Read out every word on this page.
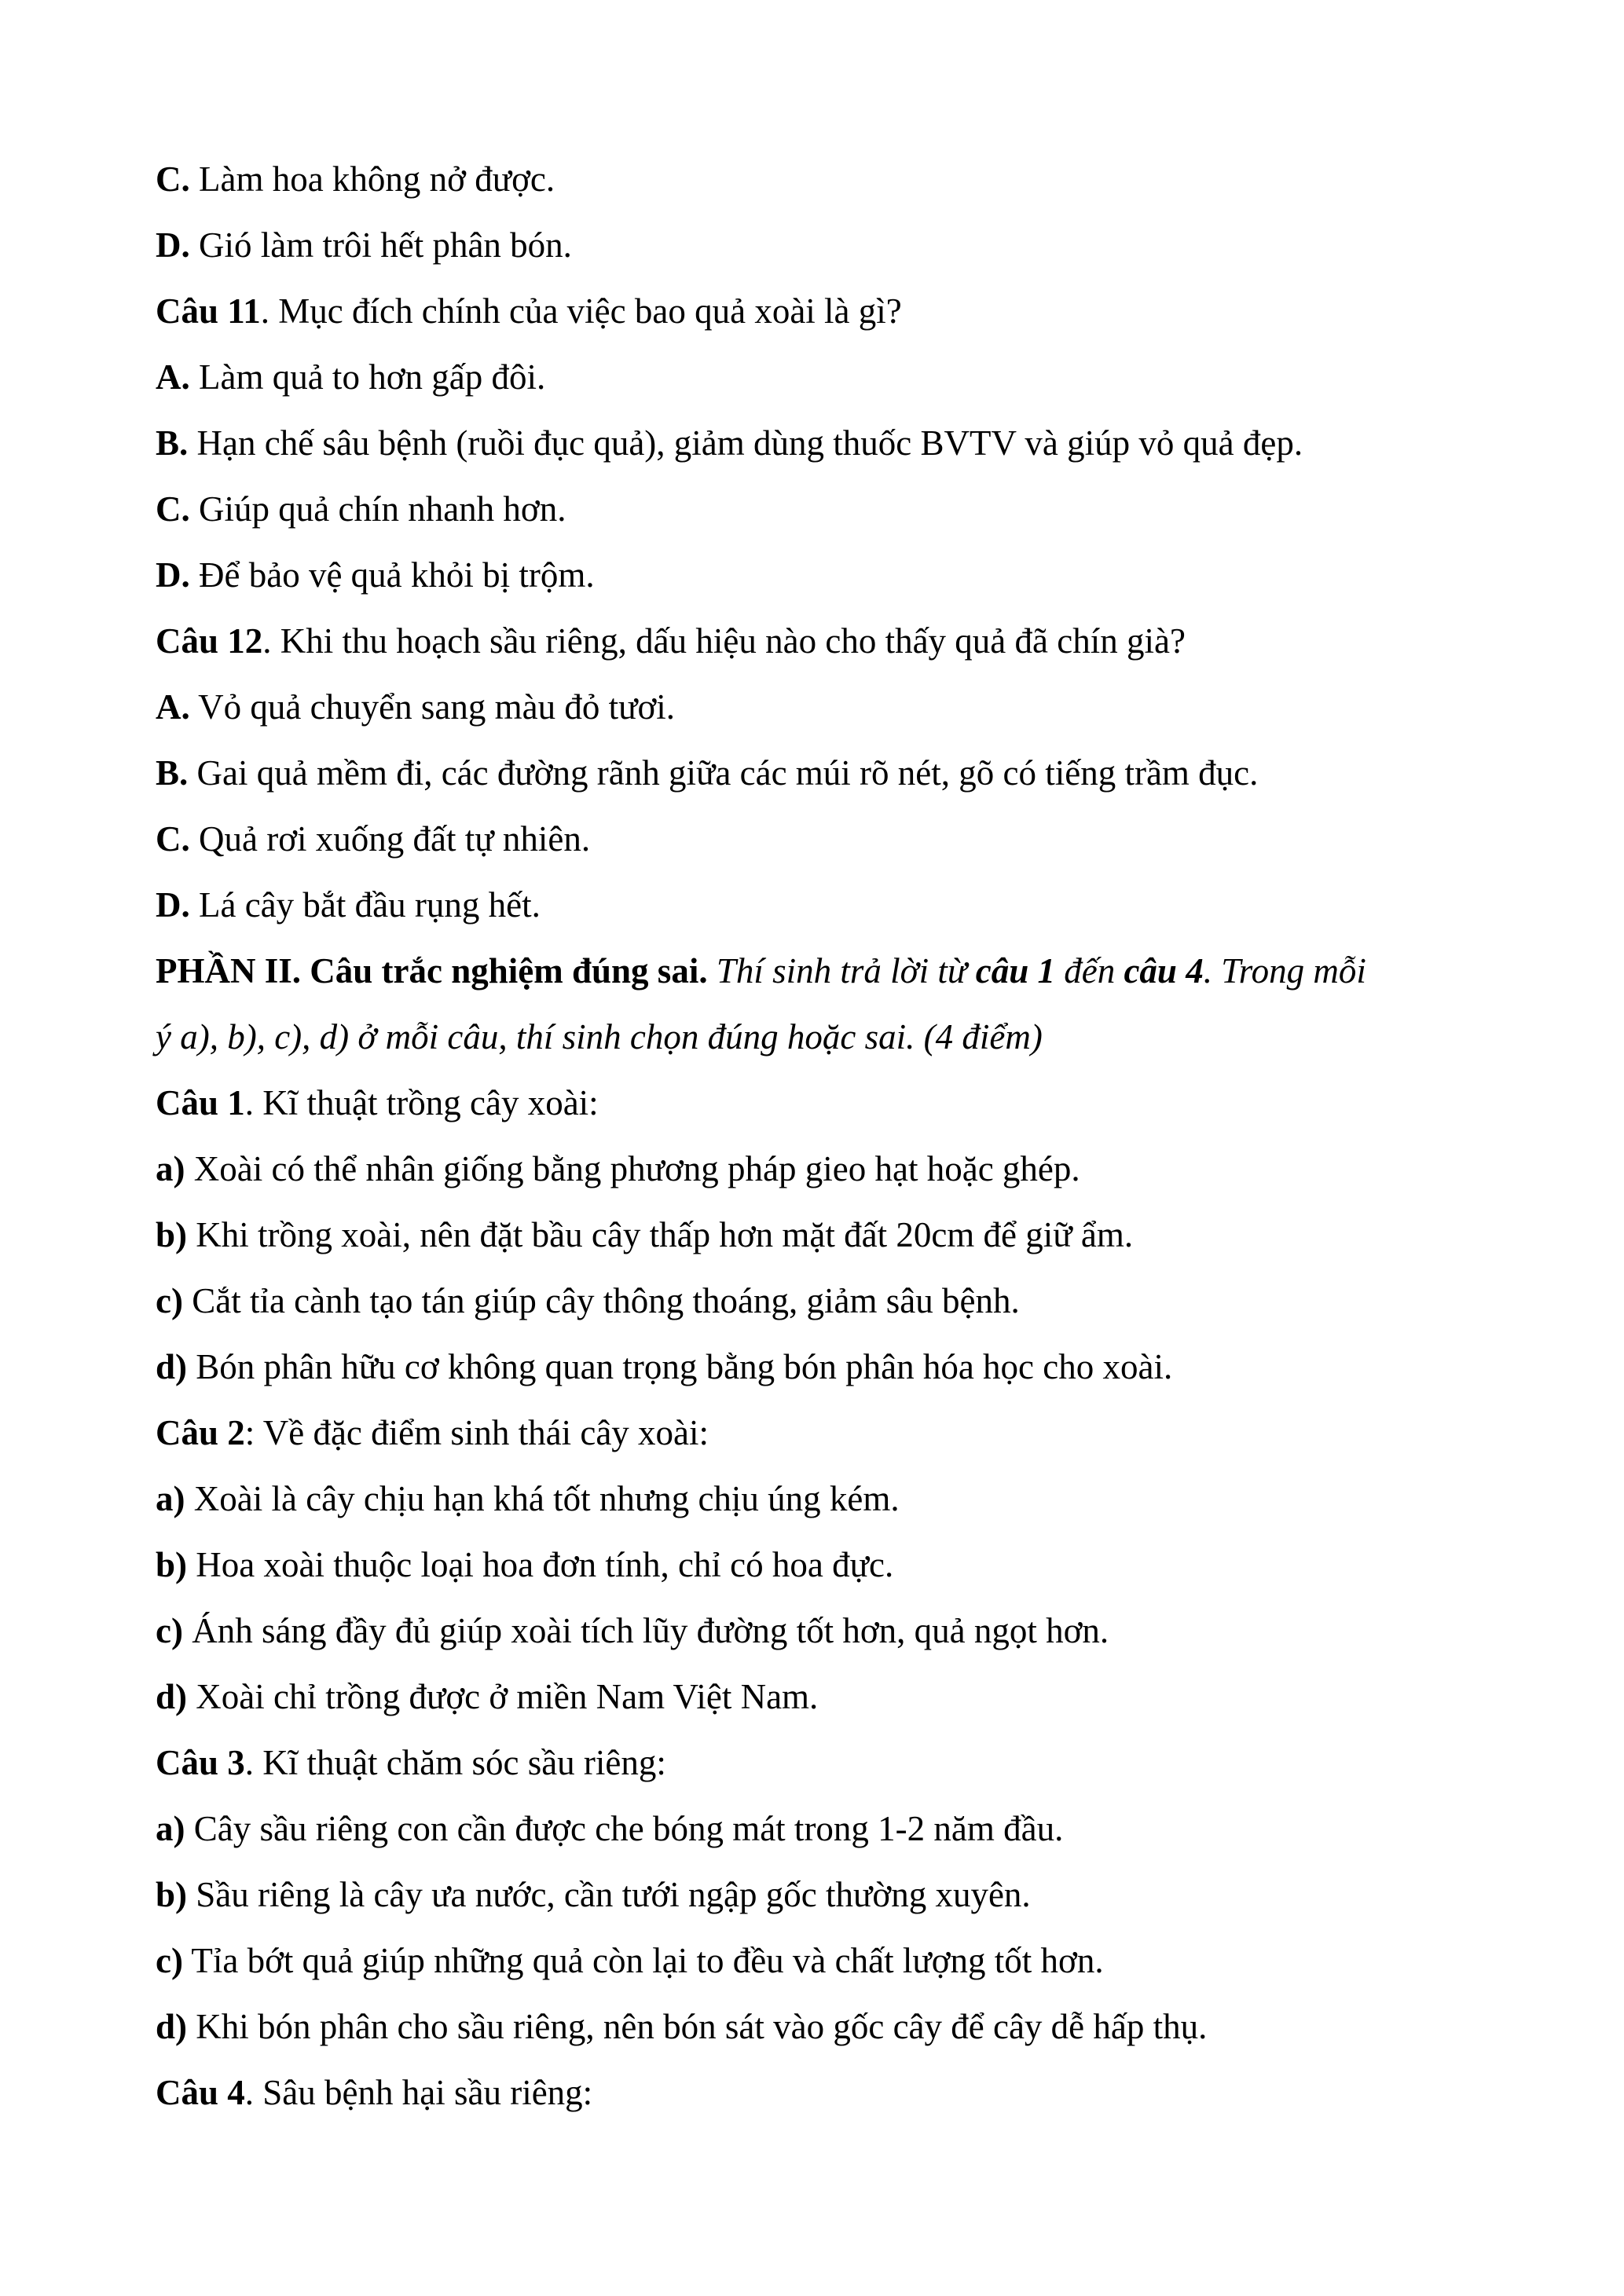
C. Làm hoa không nở được.

D. Gió làm trôi hết phân bón.

Câu 11. Mục đích chính của việc bao quả xoài là gì?

A. Làm quả to hơn gấp đôi.

B. Hạn chế sâu bệnh (ruồi đục quả), giảm dùng thuốc BVTV và giúp vỏ quả đẹp.

C. Giúp quả chín nhanh hơn.

D. Để bảo vệ quả khỏi bị trộm.

Câu 12. Khi thu hoạch sầu riêng, dấu hiệu nào cho thấy quả đã chín già?

A. Vỏ quả chuyển sang màu đỏ tươi.

B. Gai quả mềm đi, các đường rãnh giữa các múi rõ nét, gõ có tiếng trầm đục.

C. Quả rơi xuống đất tự nhiên.

D. Lá cây bắt đầu rụng hết.

PHẦN II. Câu trắc nghiệm đúng sai. Thí sinh trả lời từ câu 1 đến câu 4. Trong mỗi

ý a), b), c), d) ở mỗi câu, thí sinh chọn đúng hoặc sai. (4 điểm)

Câu 1. Kĩ thuật trồng cây xoài:

a) Xoài có thể nhân giống bằng phương pháp gieo hạt hoặc ghép.

b) Khi trồng xoài, nên đặt bầu cây thấp hơn mặt đất 20cm để giữ ẩm.

c) Cắt tỉa cành tạo tán giúp cây thông thoáng, giảm sâu bệnh.

d) Bón phân hữu cơ không quan trọng bằng bón phân hóa học cho xoài.

Câu 2: Về đặc điểm sinh thái cây xoài:

a) Xoài là cây chịu hạn khá tốt nhưng chịu úng kém.

b) Hoa xoài thuộc loại hoa đơn tính, chỉ có hoa đực.

c) Ánh sáng đầy đủ giúp xoài tích lũy đường tốt hơn, quả ngọt hơn.

d) Xoài chỉ trồng được ở miền Nam Việt Nam.

Câu 3. Kĩ thuật chăm sóc sầu riêng:

a) Cây sầu riêng con cần được che bóng mát trong 1-2 năm đầu.

b) Sầu riêng là cây ưa nước, cần tưới ngập gốc thường xuyên.

c) Tỉa bớt quả giúp những quả còn lại to đều và chất lượng tốt hơn.

d) Khi bón phân cho sầu riêng, nên bón sát vào gốc cây để cây dễ hấp thụ.

Câu 4. Sâu bệnh hại sầu riêng:
